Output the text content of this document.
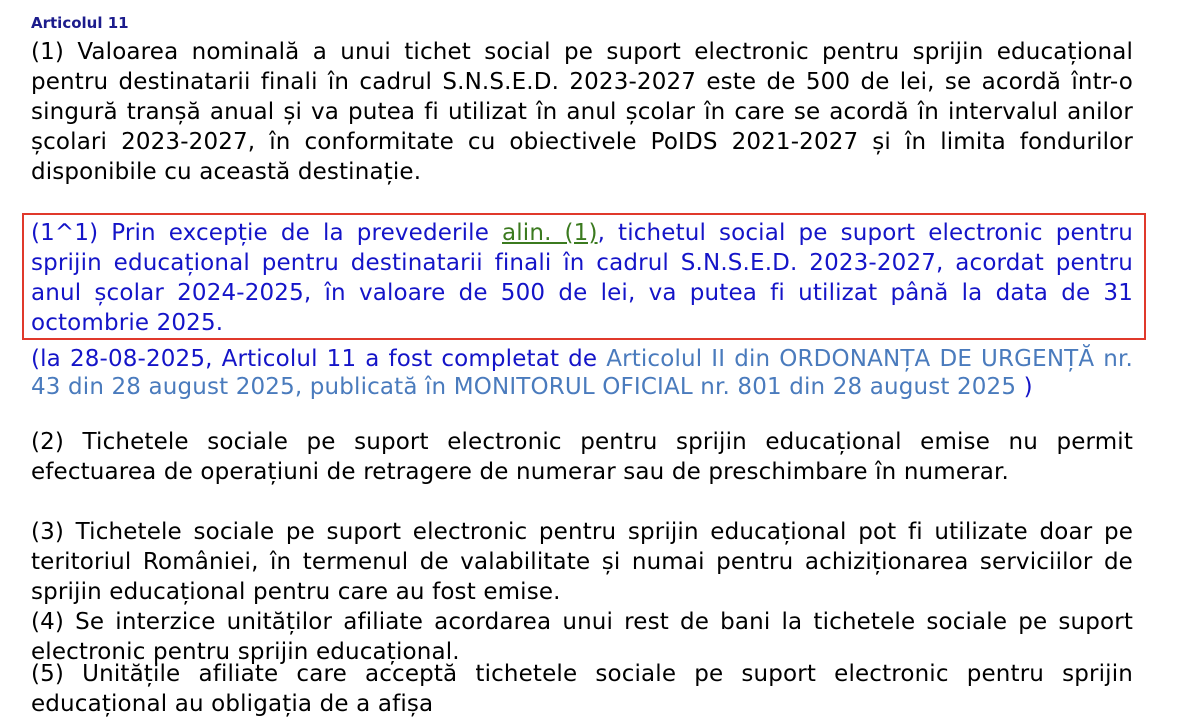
Articolul 11
(1) Valoarea nominală a unui tichet social pe suport electronic pentru sprijin educațional pentru destinatarii finali în cadrul S.N.S.E.D. 2023-2027 este de 500 de lei, se acordă într-o singură tranșă anual și va putea fi utilizat în anul școlar în care se acordă în intervalul anilor școlari 2023-2027, în conformitate cu obiectivele PoIDS 2021-2027 și în limita fondurilor disponibile cu această destinație.
(1^1) Prin excepție de la prevederile alin. (1), tichetul social pe suport electronic pentru sprijin educațional pentru destinatarii finali în cadrul S.N.S.E.D. 2023-2027, acordat pentru anul școlar 2024-2025, în valoare de 500 de lei, va putea fi utilizat până la data de 31 octombrie 2025.
(la 28-08-2025, Articolul 11 a fost completat de Articolul II din ORDONANȚA DE URGENȚĂ nr. 43 din 28 august 2025, publicată în MONITORUL OFICIAL nr. 801 din 28 august 2025 )
(2) Tichetele sociale pe suport electronic pentru sprijin educațional emise nu permit efectuarea de operațiuni de retragere de numerar sau de preschimbare în numerar.
(3) Tichetele sociale pe suport electronic pentru sprijin educațional pot fi utilizate doar pe teritoriul României, în termenul de valabilitate și numai pentru achiziționarea serviciilor de sprijin educațional pentru care au fost emise.
(4) Se interzice unităților afiliate acordarea unui rest de bani la tichetele sociale pe suport electronic pentru sprijin educațional.
(5) Unitățile afiliate care acceptă tichetele sociale pe suport electronic pentru sprijin educațional au obligația de a afișa
